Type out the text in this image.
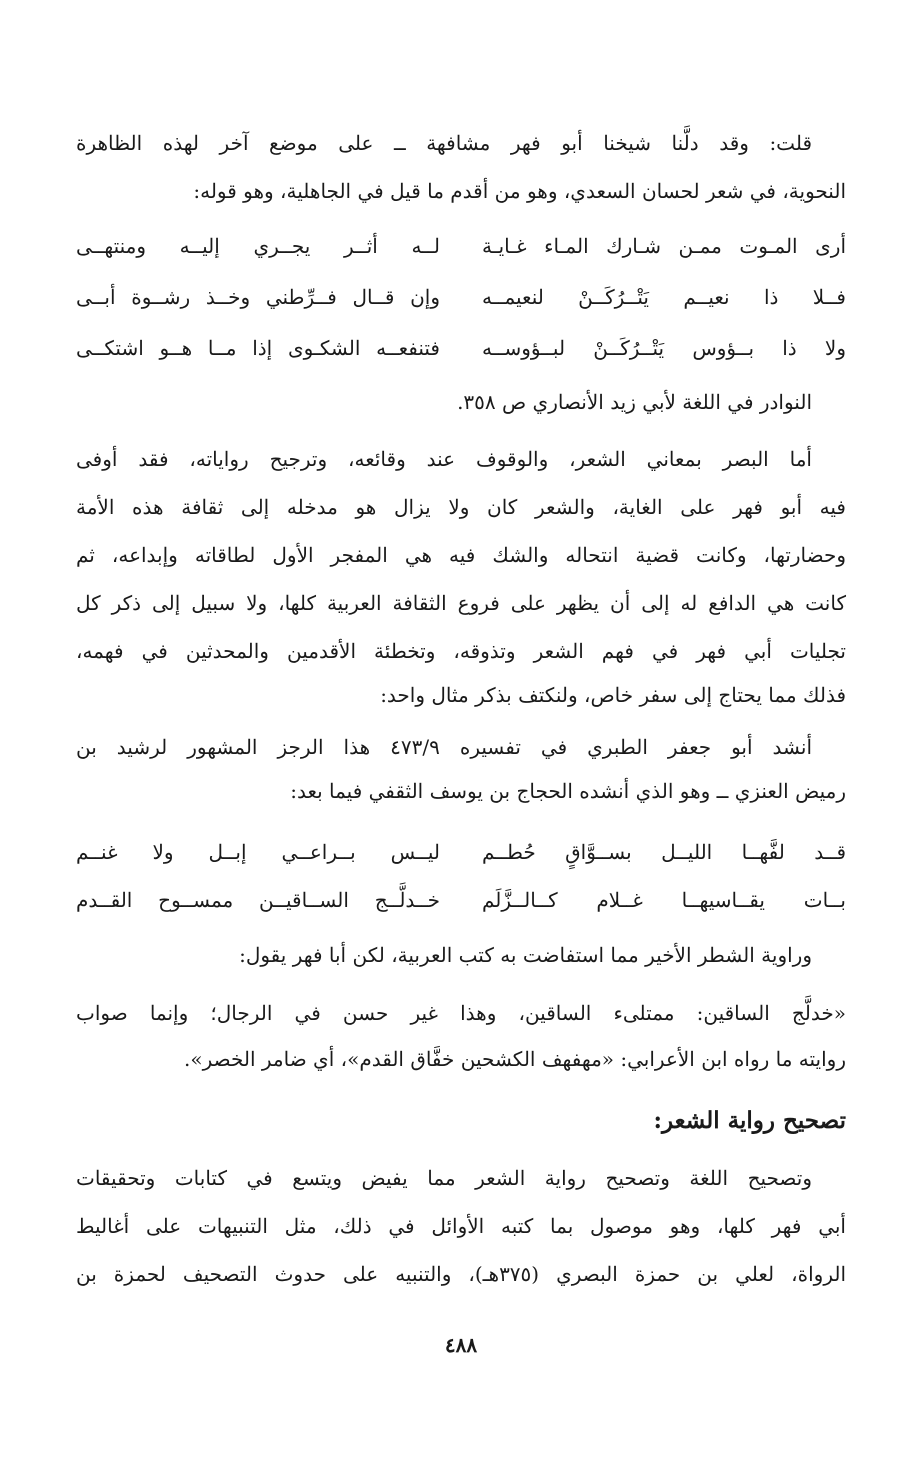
قلت: وقد دلَّنا شيخنا أبو فهر مشافهة ــ على موضع آخر لهذه الظاهرة
النحوية، في شعر لحسان السعدي، وهو من أقدم ما قيل في الجاهلية، وهو قوله:
أرى المـوت ممـن شـارك المـاء غـايـة
لــه أثــر يجــري إليــه ومنتهــى
فــلا ذا نعيــم يَتْــرُكَــنْ لنعيمــه
وإن قــال فــرِّطني وخــذ رشــوة أبــى
ولا ذا بــؤوس يَتْــرُكَــنْ لبــؤوســه
فتنفعــه الشكـوى إذا مــا هــو اشتكــى
النوادر في اللغة لأبي زيد الأنصاري ص ٣٥٨.
أما البصر بمعاني الشعر، والوقوف عند وقائعه، وترجيح رواياته، فقد أوفى
فيه أبو فهر على الغاية، والشعر كان ولا يزال هو مدخله إلى ثقافة هذه الأمة
وحضارتها، وكانت قضية انتحاله والشك فيه هي المفجر الأول لطاقاته وإبداعه، ثم
كانت هي الدافع له إلى أن يظهر على فروع الثقافة العربية كلها، ولا سبيل إلى ذكر كل
تجليات أبي فهر في فهم الشعر وتذوقه، وتخطئة الأقدمين والمحدثين في فهمه،
فذلك مما يحتاج إلى سفر خاص، ولنكتف بذكر مثال واحد:
أنشد أبو جعفر الطبري في تفسيره ٤٧٣/٩ هذا الرجز المشهور لرشيد بن
رميض العنزي ــ وهو الذي أنشده الحجاج بن يوسف الثقفي فيما بعد:
قــد لفَّهــا الليــل بســوَّاقٍ حُطــم
ليــس بــراعــي إبــل ولا غنــم
بــات يقــاسيهــا غــلام كــالــزَّلَم
خــدلَّــج الســاقيــن ممســوح القــدم
وراوية الشطر الأخير مما استفاضت به كتب العربية، لكن أبا فهر يقول:
«خدلَّج الساقين: ممتلىء الساقين، وهذا غير حسن في الرجال؛ وإنما صواب
روايته ما رواه ابن الأعرابي: «مهفهف الكشحين خفَّاق القدم»، أي ضامر الخصر».
تصحيح رواية الشعر:
وتصحيح اللغة وتصحيح رواية الشعر مما يفيض ويتسع في كتابات وتحقيقات
أبي فهر كلها، وهو موصول بما كتبه الأوائل في ذلك، مثل التنبيهات على أغاليط
الرواة، لعلي بن حمزة البصري (٣٧٥هـ)، والتنبيه على حدوث التصحيف لحمزة بن
٤٨٨
